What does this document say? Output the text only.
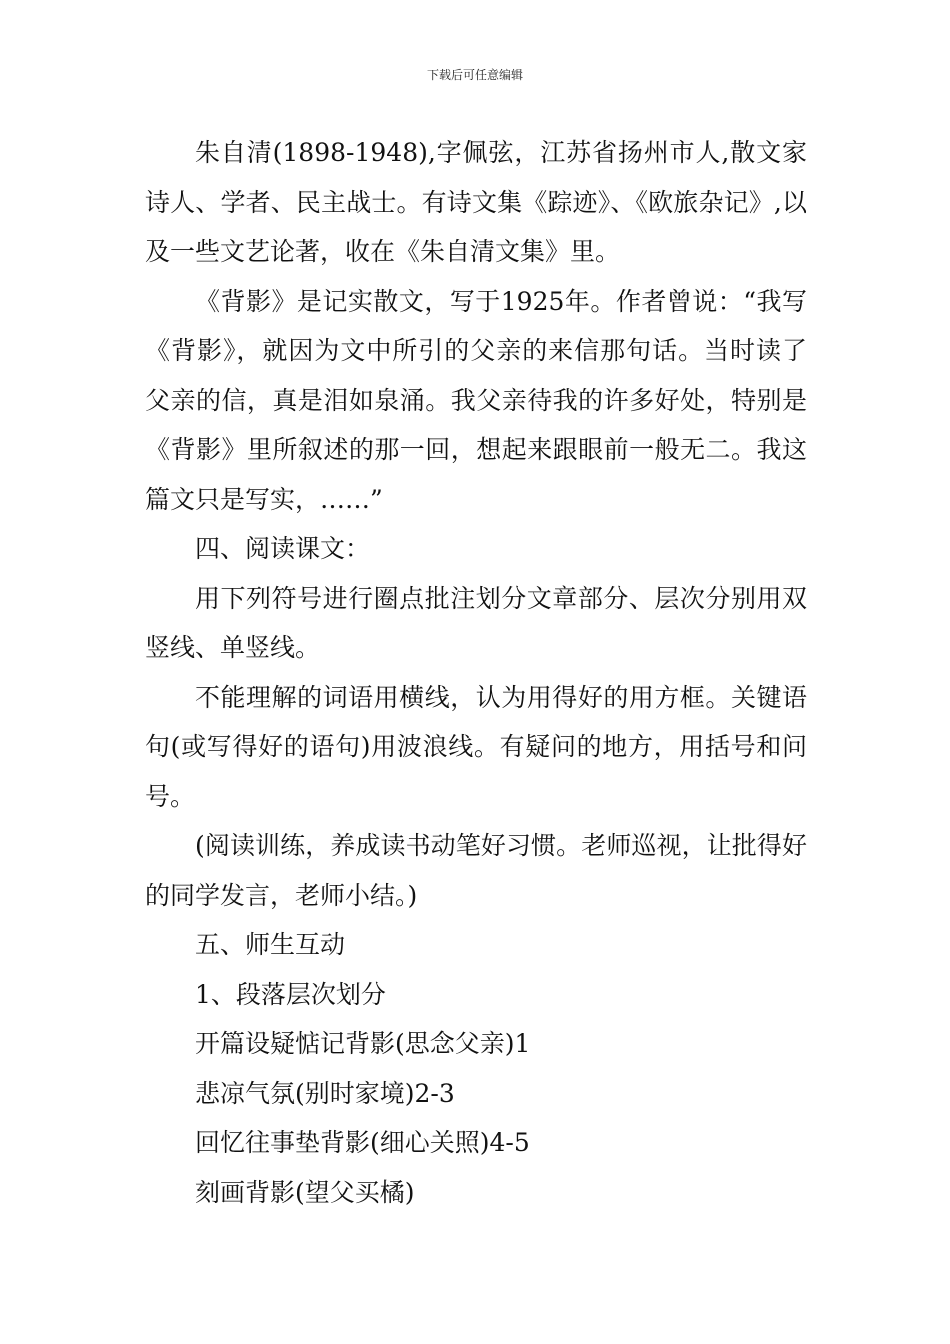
下载后可任意编辑

朱自清(1898-1948),字佩弦，江苏省扬州市人,散文家诗人、学者、民主战士。有诗文集《踪迹》、《欧旅杂记》,以及一些文艺论著，收在《朱自清文集》里。

《背影》是记实散文，写于1925年。作者曾说：“我写《背影》，就因为文中所引的父亲的来信那句话。当时读了父亲的信，真是泪如泉涌。我父亲待我的许多好处，特别是《背影》里所叙述的那一回，想起来跟眼前一般无二。我这篇文只是写实，……”

四、阅读课文：

用下列符号进行圈点批注划分文章部分、层次分别用双竖线、单竖线。

不能理解的词语用横线，认为用得好的用方框。关键语句(或写得好的语句)用波浪线。有疑问的地方，用括号和问号。

(阅读训练，养成读书动笔好习惯。老师巡视，让批得好的同学发言，老师小结。)

五、师生互动

1、段落层次划分

开篇设疑惦记背影(思念父亲)1

悲凉气氛(别时家境)2-3

回忆往事垫背影(细心关照)4-5

刻画背影(望父买橘)
